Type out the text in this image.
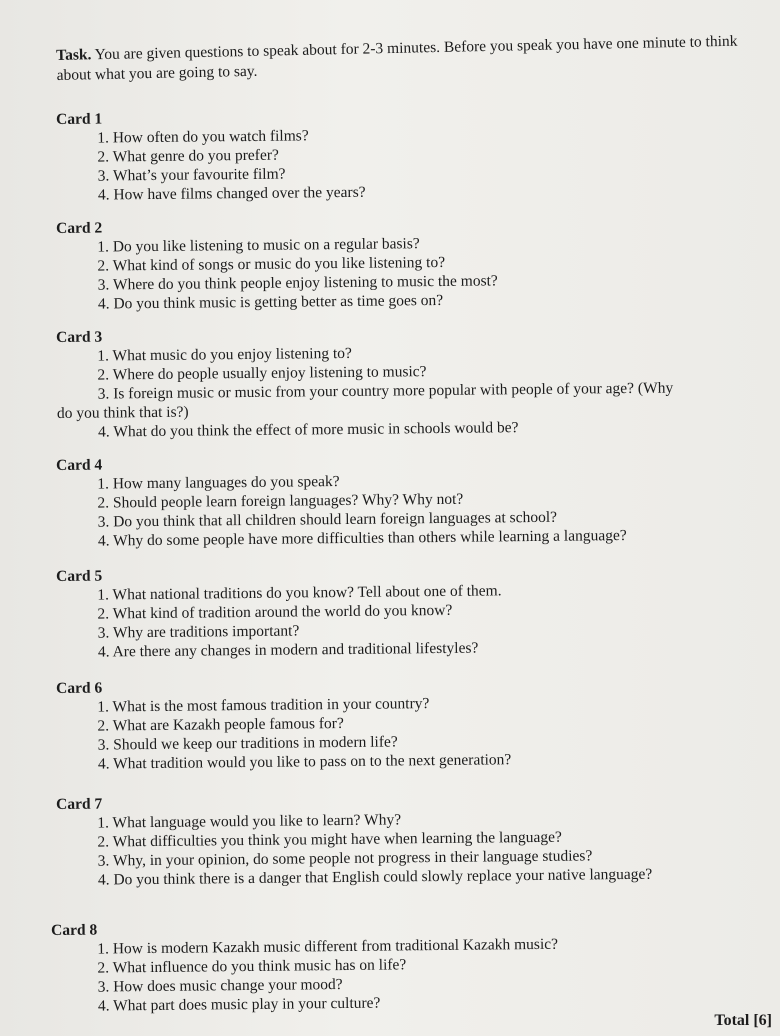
Task. You are given questions to speak about for 2-3 minutes. Before you speak you have one minute to think about what you are going to say.
Card 1
1. How often do you watch films?
2. What genre do you prefer?
3. What’s your favourite film?
4. How have films changed over the years?
Card 2
1. Do you like listening to music on a regular basis?
2. What kind of songs or music do you like listening to?
3. Where do you think people enjoy listening to music the most?
4. Do you think music is getting better as time goes on?
Card 3
1. What music do you enjoy listening to?
2. Where do people usually enjoy listening to music?
3. Is foreign music or music from your country more popular with people of your age? (Why
do you think that is?)
4. What do you think the effect of more music in schools would be?
Card 4
1. How many languages do you speak?
2. Should people learn foreign languages? Why? Why not?
3. Do you think that all children should learn foreign languages at school?
4. Why do some people have more difficulties than others while learning a language?
Card 5
1. What national traditions do you know? Tell about one of them.
2. What kind of tradition around the world do you know?
3. Why are traditions important?
4. Are there any changes in modern and traditional lifestyles?
Card 6
1. What is the most famous tradition in your country?
2. What are Kazakh people famous for?
3. Should we keep our traditions in modern life?
4. What tradition would you like to pass on to the next generation?
Card 7
1. What language would you like to learn? Why?
2. What difficulties you think you might have when learning the language?
3. Why, in your opinion, do some people not progress in their language studies?
4. Do you think there is a danger that English could slowly replace your native language?
Card 8
1. How is modern Kazakh music different from traditional Kazakh music?
2. What influence do you think music has on life?
3. How does music change your mood?
4. What part does music play in your culture?
Total [6]
